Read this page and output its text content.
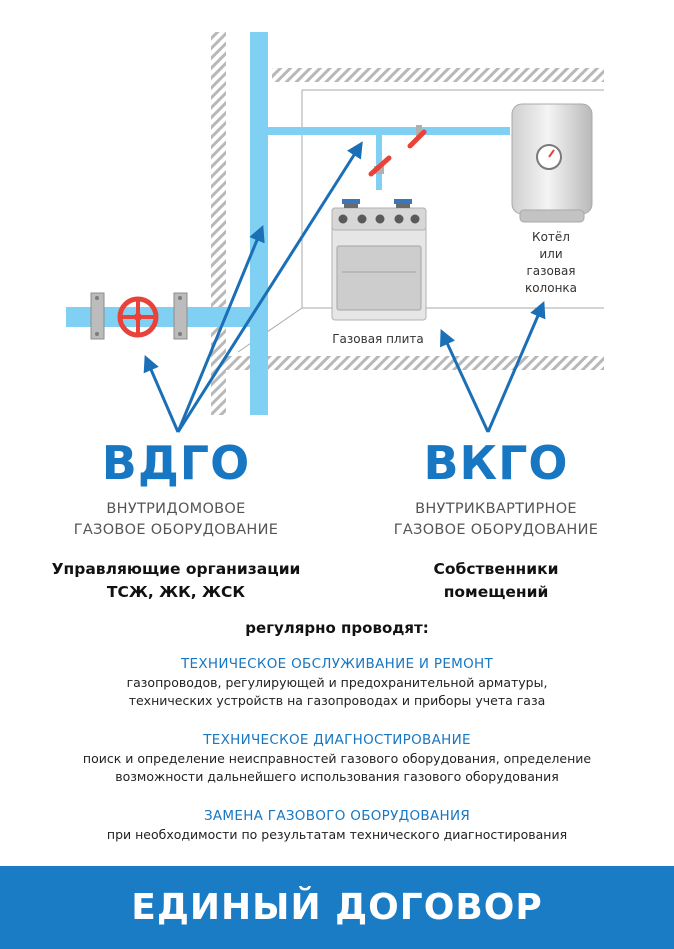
Котёл
или
газовая
колонка
Газовая плита
ВДГО
ВНУТРИДОМОВОЕ
ГАЗОВОЕ ОБОРУДОВАНИЕ
Управляющие организации
ТСЖ, ЖК, ЖСК
ВКГО
ВНУТРИКВАРТИРНОЕ
ГАЗОВОЕ ОБОРУДОВАНИЕ
Собственники
помещений
регулярно проводят:
ТЕХНИЧЕСКОЕ ОБСЛУЖИВАНИЕ И РЕМОНТ
газопроводов, регулирующей и предохранительной арматуры,
технических устройств на газопроводах и приборы учета газа
ТЕХНИЧЕСКОЕ ДИАГНОСТИРОВАНИЕ
поиск и определение неисправностей газового оборудования, определение
возможности дальнейшего использования газового оборудования
ЗАМЕНА ГАЗОВОГО ОБОРУДОВАНИЯ
при необходимости по результатам технического диагностирования
ЕДИНЫЙ ДОГОВОР
